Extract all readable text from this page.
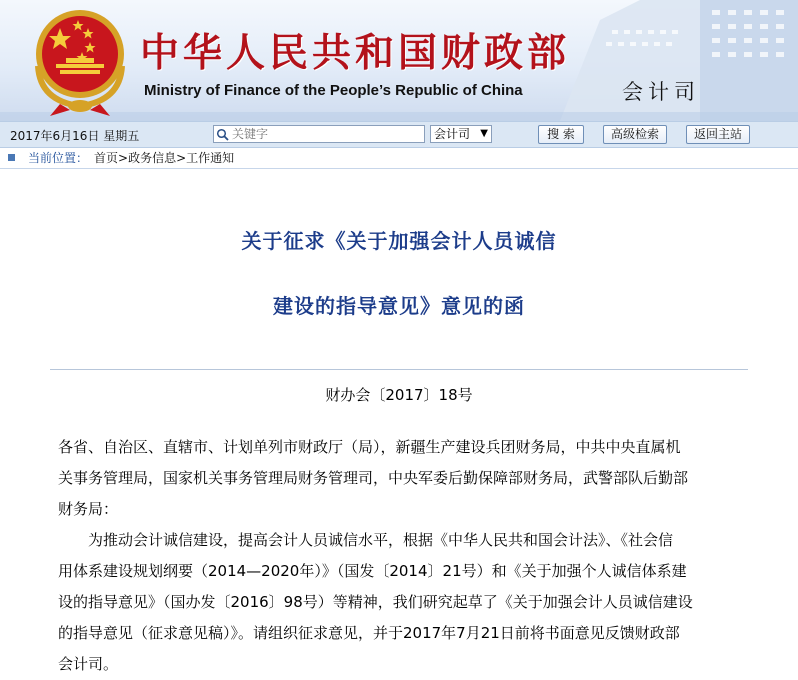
中华人民共和国财政部
Ministry of Finance of the People’s Republic of China	会计司
2017年6月16日 星期五
关键字	会计司 ▼	搜 索	高级检索	返回主站
当前位置： 首页>政务信息>工作通知
关于征求《关于加强会计人员诚信
建设的指导意见》意见的函
财办会〔2017〕18号
各省、自治区、直辖市、计划单列市财政厅（局），新疆生产建设兵团财务局，中共中央直属机
关事务管理局，国家机关事务管理局财务管理司，中央军委后勤保障部财务局，武警部队后勤部
财务局：
为推动会计诚信建设，提高会计人员诚信水平，根据《中华人民共和国会计法》、《社会信
用体系建设规划纲要（2014—2020年）》（国发〔2014〕21号）和《关于加强个人诚信体系建
设的指导意见》（国办发〔2016〕98号）等精神，我们研究起草了《关于加强会计人员诚信建设
的指导意见（征求意见稿）》。请组织征求意见，并于2017年7月21日前将书面意见反馈财政部
会计司。
